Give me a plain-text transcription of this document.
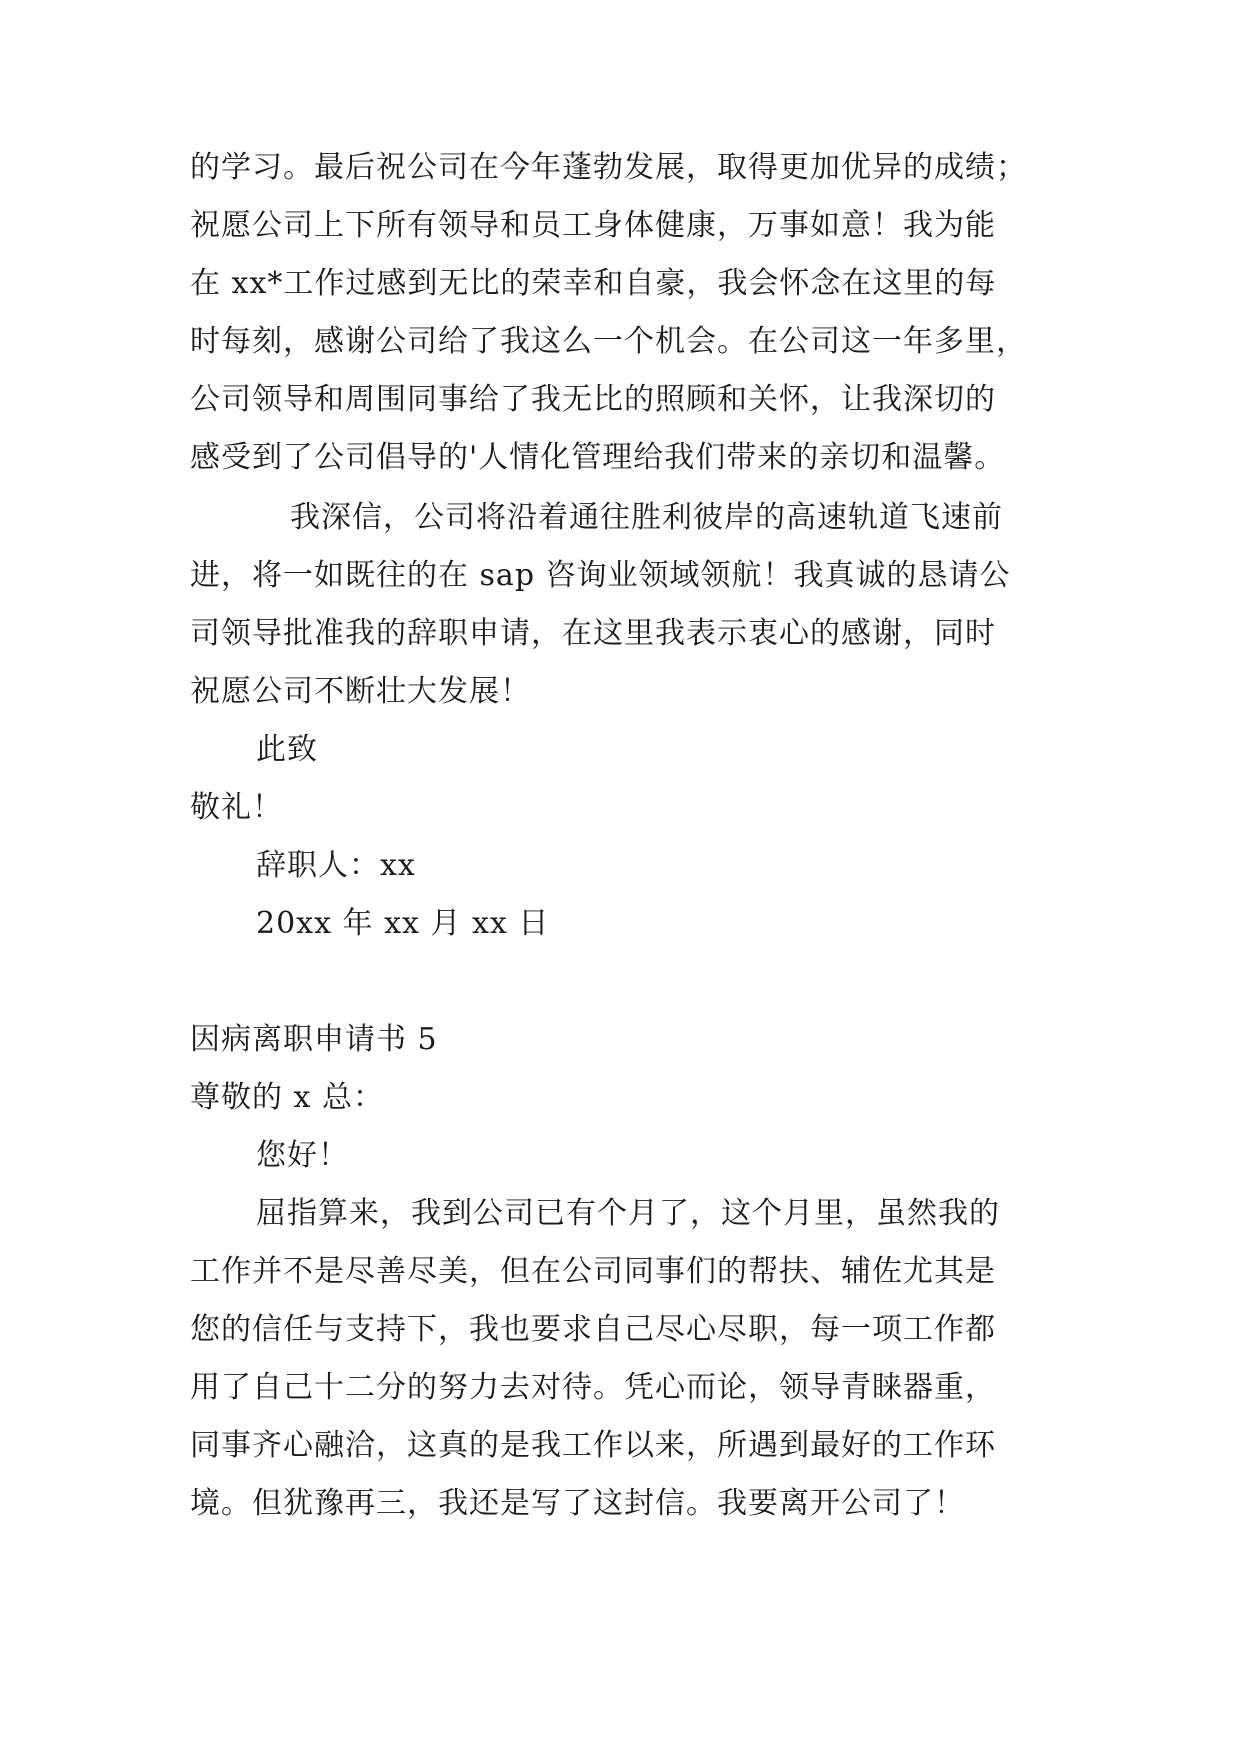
的学习。最后祝公司在今年蓬勃发展，取得更加优异的成绩；
祝愿公司上下所有领导和员工身体健康，万事如意！我为能
在 xx*工作过感到无比的荣幸和自豪，我会怀念在这里的每
时每刻，感谢公司给了我这么一个机会。在公司这一年多里，
公司领导和周围同事给了我无比的照顾和关怀，让我深切的
感受到了公司倡导的'人情化管理给我们带来的亲切和温馨。
我深信，公司将沿着通往胜利彼岸的高速轨道飞速前
进，将一如既往的在 sap 咨询业领域领航！我真诚的恳请公
司领导批准我的辞职申请，在这里我表示衷心的感谢，同时
祝愿公司不断壮大发展！
此致
敬礼！
辞职人：xx
20xx 年 xx 月 xx 日
因病离职申请书 5
尊敬的 x 总：
您好！
屈指算来，我到公司已有个月了，这个月里，虽然我的
工作并不是尽善尽美，但在公司同事们的帮扶、辅佐尤其是
您的信任与支持下，我也要求自己尽心尽职，每一项工作都
用了自己十二分的努力去对待。凭心而论，领导青睐器重，
同事齐心融洽，这真的是我工作以来，所遇到最好的工作环
境。但犹豫再三，我还是写了这封信。我要离开公司了！
